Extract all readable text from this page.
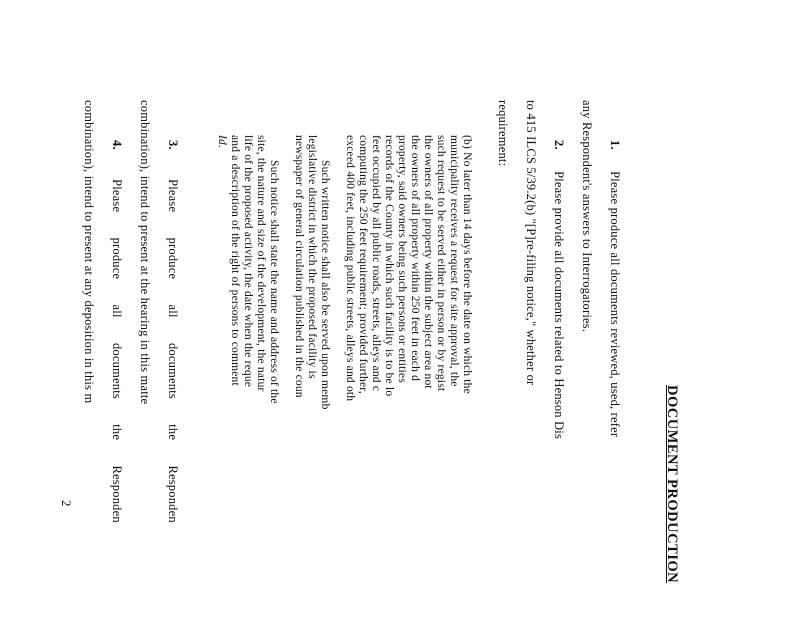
DOCUMENT PRODUCTION
1. Please produce all documents reviewed, used, refer
any Respondent's answers to Interrogatories.
2. Please provide all documents related to Henson Dis
to 415 ILCS 5/39.2(b) "[P]re-filing notice," whether or
requirement:
(b) No later than 14 days before the date on which the
municipality receives a request for site approval, the
such request to be served either in person or by regist
the owners of all property within the subject area not
the owners of all property within 250 feet in each d
property, said owners being such persons or entities
records of the County in which such facility is to be lo
feet occupied by all public roads, streets, alleys and c
computing the 250 feet requirement; provided further,
exceed 400 feet, including public streets, alleys and oth
Such written notice shall also be served upon memb
legislative district in which the proposed facility is
newspaper of general circulation published in the coun
Such notice shall state the name and address of the
site, the nature and size of the development, the natur
life of the proposed activity, the date when the reque
and a description of the right of persons to comment
Id.
3. Please produce all documents the Responden
combination), intend to present at the hearing in this matte
4. Please produce all documents the Responden
combination), intend to present at any deposition in this m
2
